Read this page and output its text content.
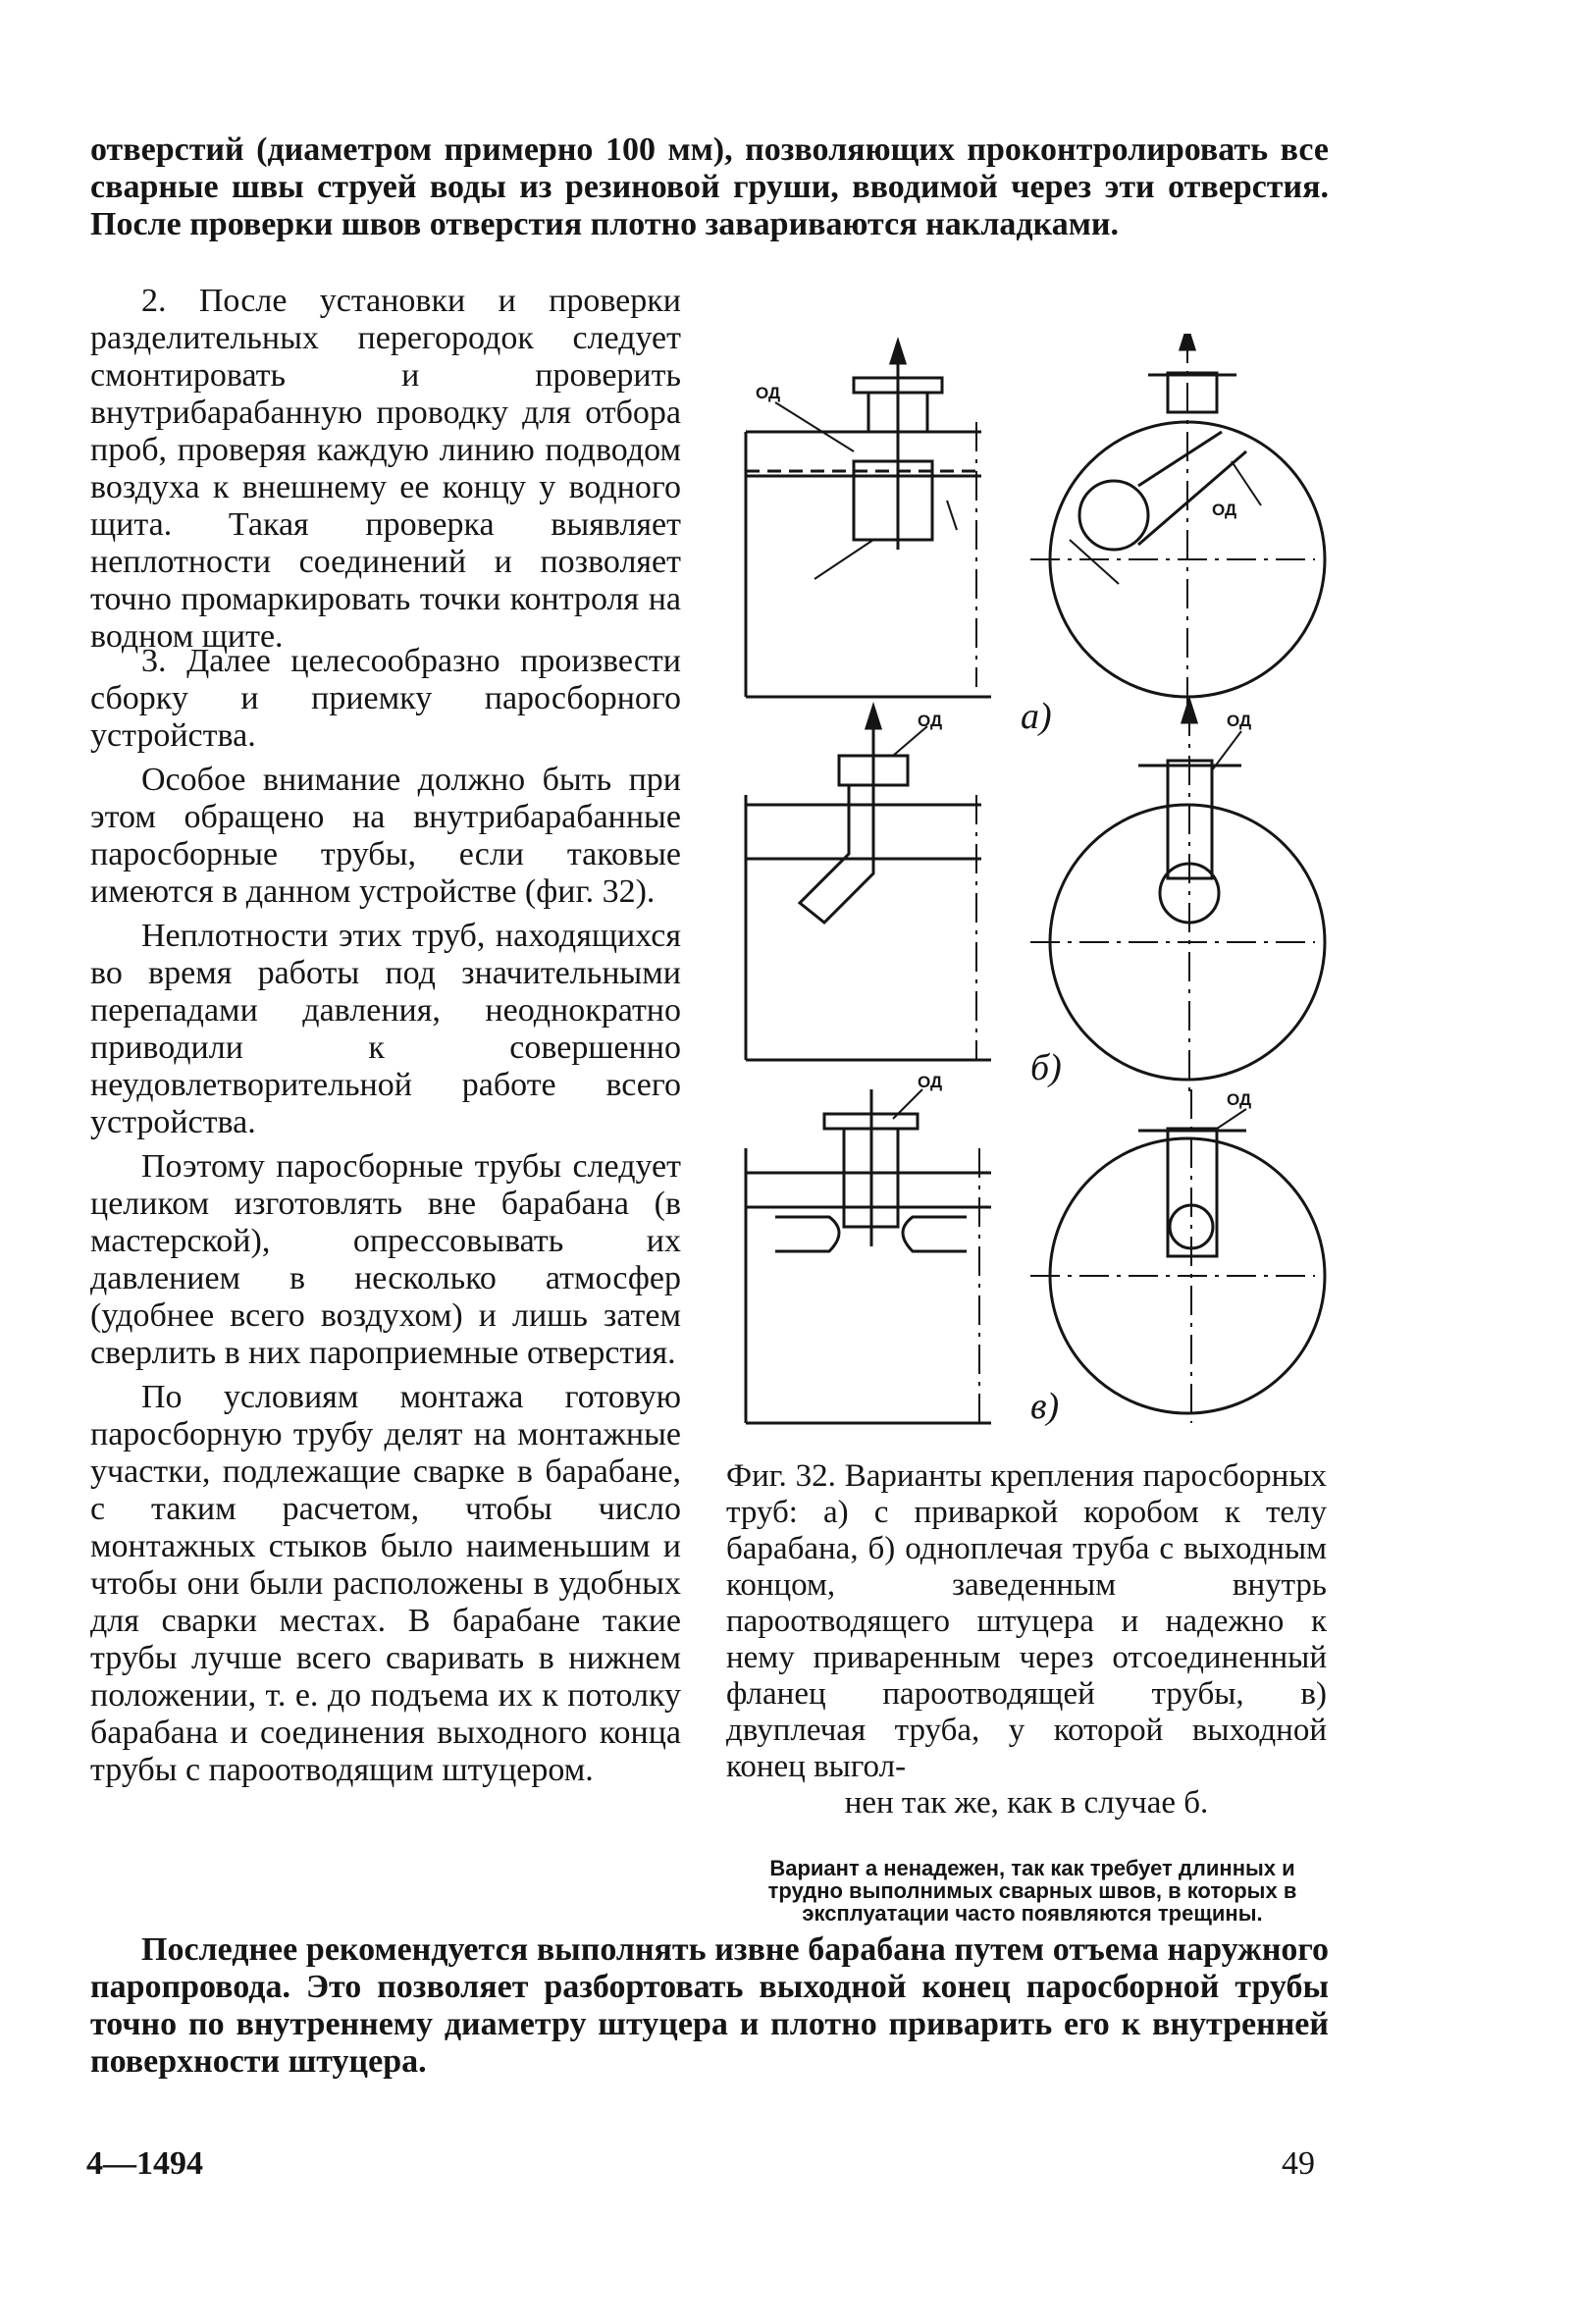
отверстий (диаметром примерно 100 мм), позволяющих проконтролировать все сварные швы струей воды из резиновой груши, вводимой через эти отверстия. После проверки швов отверстия плотно завариваются накладками.

2. После установки и проверки разделительных перегородок следует смонтировать и проверить внутрибарабанную проводку для отбора проб, проверяя каждую линию подводом воздуха к внешнему ее концу у водного щита. Такая проверка выявляет неплотности соединений и позволяет точно промаркировать точки контроля на водном щите.

3. Далее целесообразно произвести сборку и приемку паросборного устройства.

Особое внимание должно быть при этом обращено на внутрибарабанные паросборные трубы, если таковые имеются в данном устройстве (фиг. 32).

Неплотности этих труб, находящихся во время работы под значительными перепадами давления, неоднократно приводили к совершенно неудовлетворительной работе всего устройства.

Поэтому паросборные трубы следует целиком изготовлять вне барабана (в мастерской), опрессовывать их давлением в несколько атмосфер (удобнее всего воздухом) и лишь затем сверлить в них пароприемные отверстия.

По условиям монтажа готовую паросборную трубу делят на монтажные участки, подлежащие сварке в барабане, с таким расчетом, чтобы число монтажных стыков было наименьшим и чтобы они были расположены в удобных для сварки местах. В барабане такие трубы лучше всего сваривать в нижнем положении, т. е. до подъема их к потолку барабана и соединения выходного конца трубы с пароотводящим штуцером.

Последнее рекомендуется выполнять извне барабана путем отъема наружного паропровода. Это позволяет разбортовать выходной конец паросборной трубы точно по внутреннему диаметру штуцера и плотно приварить его к внутренней поверхности штуцера.

а)
б)
в)
ОД
ОД
ОД	ОД
ОД
ОД

Фиг. 32. Варианты крепления паросборных труб: а) с приваркой коробом к телу барабана, б) одноплечая труба с выходным концом, заведенным внутрь пароотводящего штуцера и надежно к нему приваренным через отсоединенный фланец пароотводящей трубы, в) двуплечая труба, у которой выходной конец выгол-

нен так же, как в случае б.

Вариант а ненадежен, так как требует длинных и трудно выполнимых сварных швов, в которых в эксплуатации часто появляются трещины.
4—1494	49
